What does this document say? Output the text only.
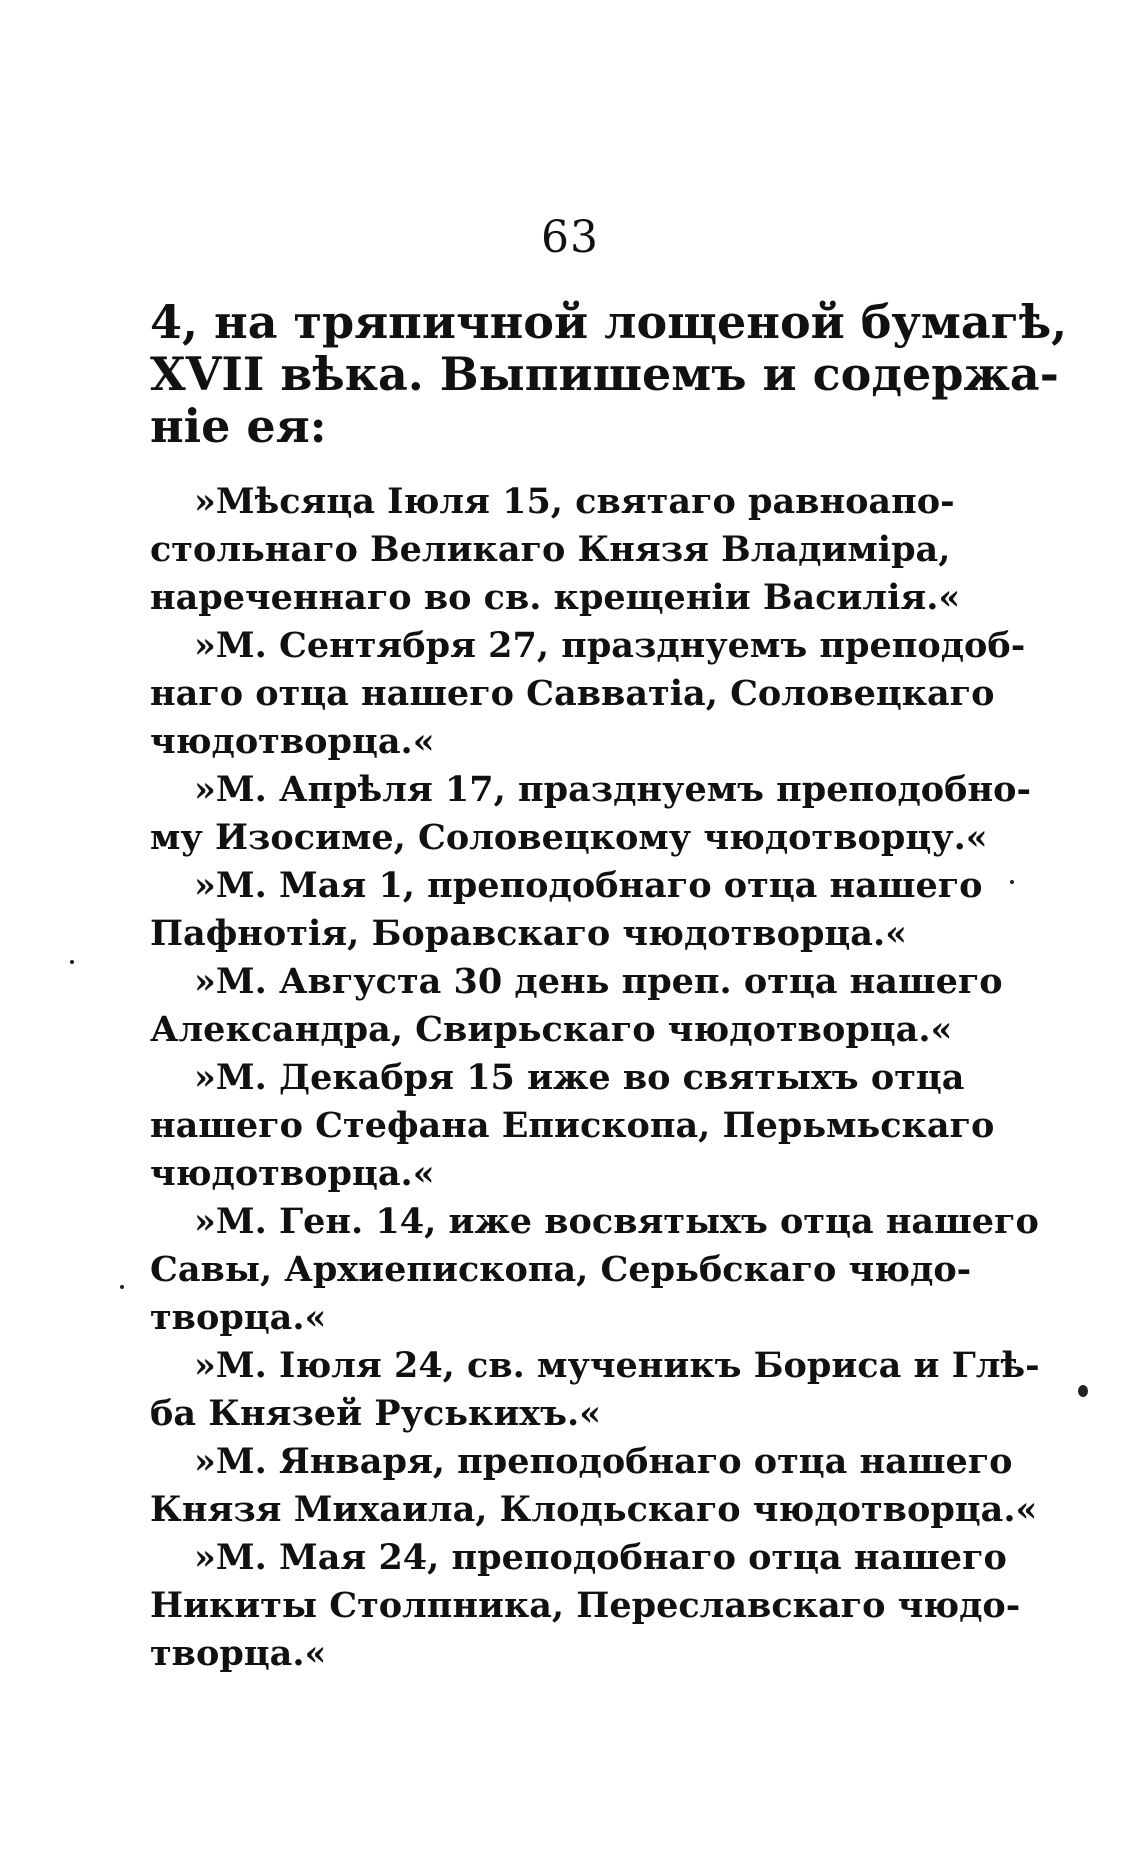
63
4, на тряпичной лощеной бумагѣ,
XVII вѣка. Выпишемъ и содержа-
ніе ея:
»Мѣсяца Іюля 15, святаго равноапо-
стольнаго Великаго Князя Владиміра,
нареченнаго во св. крещеніи Василія.«
»М. Сентября 27, празднуемъ преподоб-
наго отца нашего Савватіа, Соловецкаго
чюдотворца.«
»М. Апрѣля 17, празднуемъ преподобно-
му Изосиме, Соловецкому чюдотворцу.«
»М. Мая 1, преподобнаго отца нашего
Пафнотія, Боравскаго чюдотворца.«
»М. Августа 30 день преп. отца нашего
Александра, Свирьскаго чюдотворца.«
»М. Декабря 15 иже во святыхъ отца
нашего Стефана Епископа, Перьмьскаго
чюдотворца.«
»М. Ген. 14, иже восвятыхъ отца нашего
Савы, Архиепископа, Серьбскаго чюдо-
творца.«
»М. Іюля 24, св. мученикъ Бориса и Глѣ-
ба Князей Руськихъ.«
»М. Января, преподобнаго отца нашего
Князя Михаила, Клодьскаго чюдотворца.«
»М. Мая 24, преподобнаго отца нашего
Никиты Столпника, Переславскаго чюдо-
творца.«
